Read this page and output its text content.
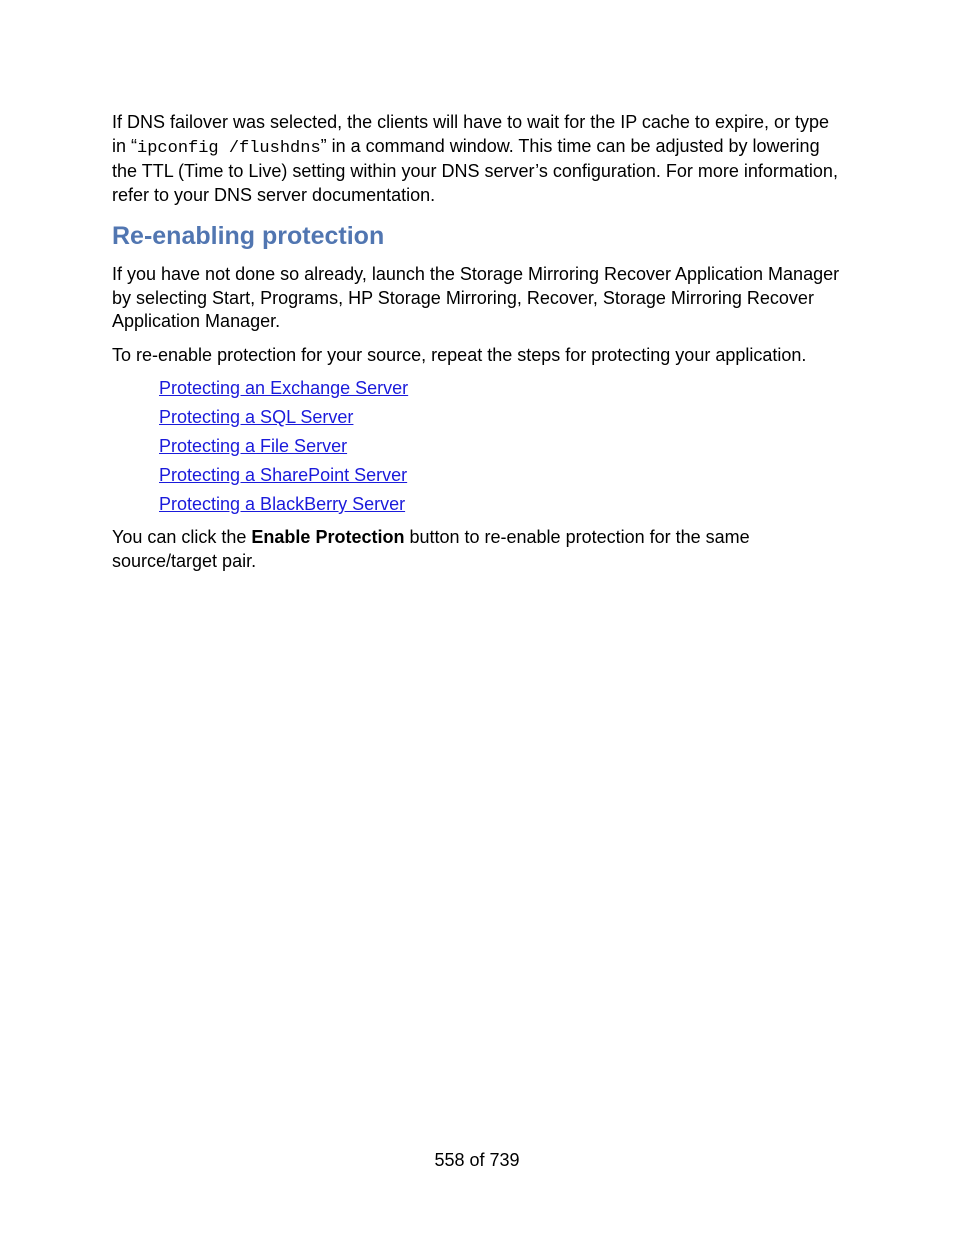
If DNS failover was selected, the clients will have to wait for the IP cache to expire, or type in “ipconfig /flushdns” in a command window. This time can be adjusted by lowering the TTL (Time to Live) setting within your DNS server’s configuration. For more information, refer to your DNS server documentation.

Re-enabling protection

If you have not done so already, launch the Storage Mirroring Recover Application Manager by selecting Start, Programs, HP Storage Mirroring, Recover, Storage Mirroring Recover Application Manager.

To re-enable protection for your source, repeat the steps for protecting your application.

Protecting an Exchange Server
Protecting a SQL Server
Protecting a File Server
Protecting a SharePoint Server
Protecting a BlackBerry Server

You can click the Enable Protection button to re-enable protection for the same source/target pair.

558 of 739
